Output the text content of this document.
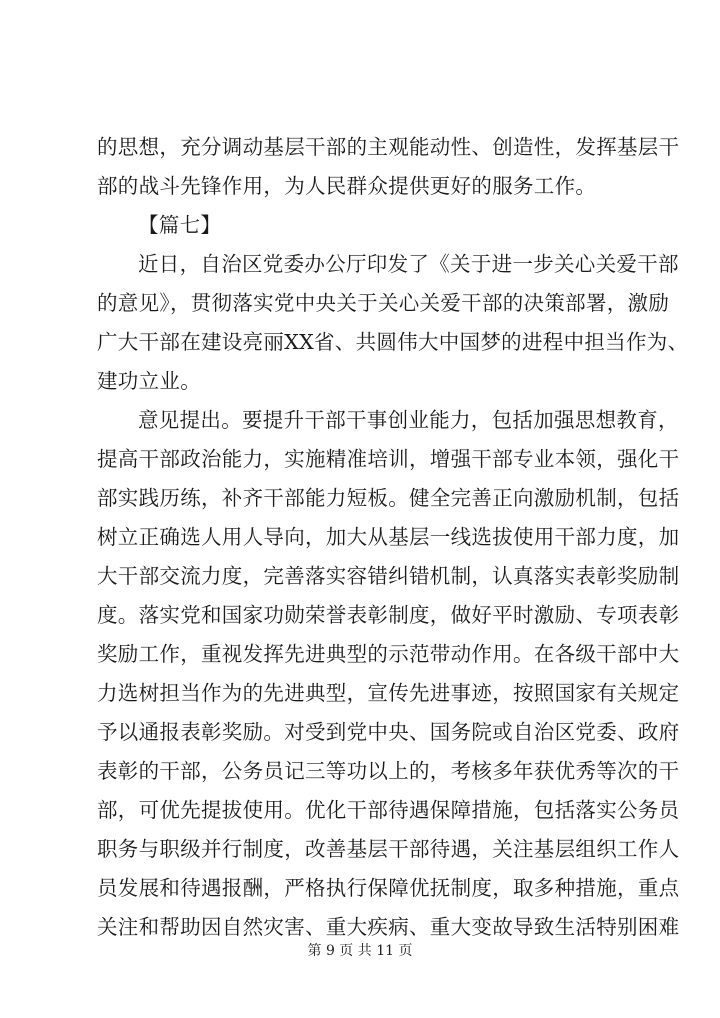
的思想，充分调动基层干部的主观能动性、创造性，发挥基层干
部的战斗先锋作用，为人民群众提供更好的服务工作。
【篇七】
近日，自治区党委办公厅印发了《关于进一步关心关爱干部
的意见》，贯彻落实党中央关于关心关爱干部的决策部署，激励
广大干部在建设亮丽XX省、共圆伟大中国梦的进程中担当作为、
建功立业。
意见提出。要提升干部干事创业能力，包括加强思想教育，
提高干部政治能力，实施精准培训，增强干部专业本领，强化干
部实践历练，补齐干部能力短板。健全完善正向激励机制，包括
树立正确选人用人导向，加大从基层一线选拔使用干部力度，加
大干部交流力度，完善落实容错纠错机制，认真落实表彰奖励制
度。落实党和国家功勋荣誉表彰制度，做好平时激励、专项表彰
奖励工作，重视发挥先进典型的示范带动作用。在各级干部中大
力选树担当作为的先进典型，宣传先进事迹，按照国家有关规定
予以通报表彰奖励。对受到党中央、国务院或自治区党委、政府
表彰的干部，公务员记三等功以上的，考核多年获优秀等次的干
部，可优先提拔使用。优化干部待遇保障措施，包括落实公务员
职务与职级并行制度，改善基层干部待遇，关注基层组织工作人
员发展和待遇报酬，严格执行保障优抚制度，取多种措施，重点
关注和帮助因自然灾害、重大疾病、重大变故导致生活特别困难
第 9 页 共 11 页
